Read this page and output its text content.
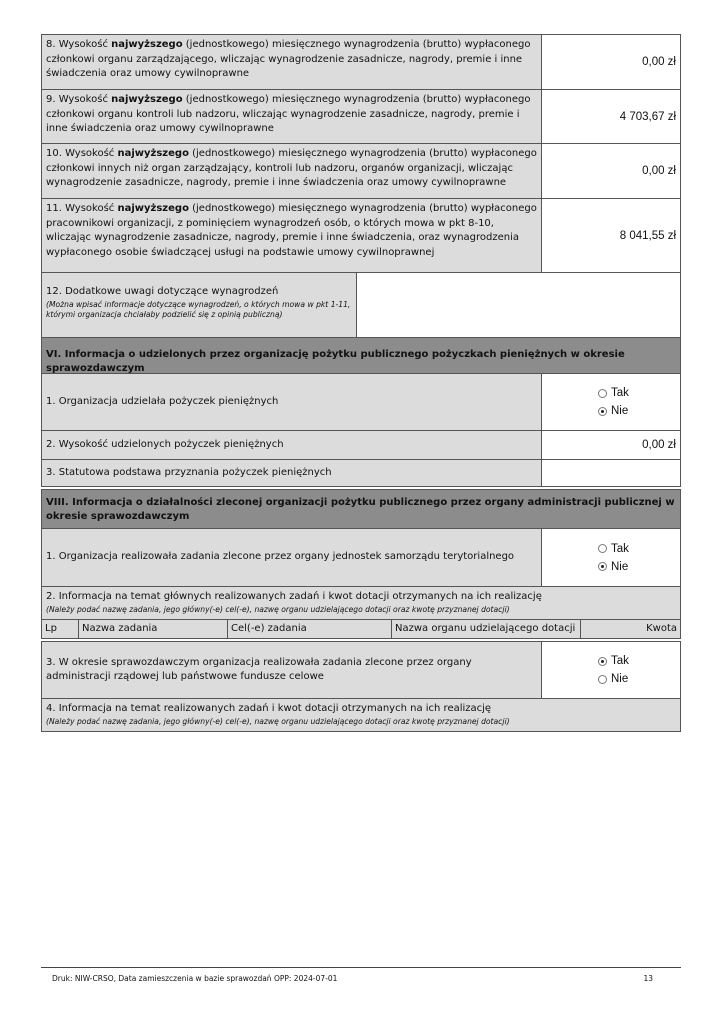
8. Wysokość najwyższego (jednostkowego) miesięcznego wynagrodzenia (brutto) wypłaconego członkowi organu zarządzającego, wliczając wynagrodzenie zasadnicze, nagrody, premie i inne świadczenia oraz umowy cywilnoprawne
0,00 zł
9. Wysokość najwyższego (jednostkowego) miesięcznego wynagrodzenia (brutto) wypłaconego członkowi organu kontroli lub nadzoru, wliczając wynagrodzenie zasadnicze, nagrody, premie i inne świadczenia oraz umowy cywilnoprawne
4 703,67 zł
10. Wysokość najwyższego (jednostkowego) miesięcznego wynagrodzenia (brutto) wypłaconego członkowi innych niż organ zarządzający, kontroli lub nadzoru, organów organizacji, wliczając wynagrodzenie zasadnicze, nagrody, premie i inne świadczenia oraz umowy cywilnoprawne
0,00 zł
11. Wysokość najwyższego (jednostkowego) miesięcznego wynagrodzenia (brutto) wypłaconego pracownikowi organizacji, z pominięciem wynagrodzeń osób, o których mowa w pkt 8-10, wliczając wynagrodzenie zasadnicze, nagrody, premie i inne świadczenia, oraz wynagrodzenia wypłaconego osobie świadczącej usługi na podstawie umowy cywilnoprawnej
8 041,55 zł
12. Dodatkowe uwagi dotyczące wynagrodzeń
(Można wpisać informacje dotyczące wynagrodzeń, o których mowa w pkt 1-11, którymi organizacja chciałaby podzielić się z opinią publiczną)
VI. Informacja o udzielonych przez organizację pożytku publicznego pożyczkach pieniężnych w okresie sprawozdawczym
1. Organizacja udzielała pożyczek pieniężnych
Tak
Nie
2. Wysokość udzielonych pożyczek pieniężnych	0,00 zł
3. Statutowa podstawa przyznania pożyczek pieniężnych
VIII. Informacja o działalności zleconej organizacji pożytku publicznego przez organy administracji publicznej w okresie sprawozdawczym
1. Organizacja realizowała zadania zlecone przez organy jednostek samorządu terytorialnego
Tak
Nie
2. Informacja na temat głównych realizowanych zadań i kwot dotacji otrzymanych na ich realizację
(Należy podać nazwę zadania, jego główny(-e) cel(-e), nazwę organu udzielającego dotacji oraz kwotę przyznanej dotacji)
Lp	Nazwa zadania	Cel(-e) zadania	Nazwa organu udzielającego dotacji	Kwota
3. W okresie sprawozdawczym organizacja realizowała zadania zlecone przez organy administracji rządowej lub państwowe fundusze celowe
Tak
Nie
4. Informacja na temat realizowanych zadań i kwot dotacji otrzymanych na ich realizację
(Należy podać nazwę zadania, jego główny(-e) cel(-e), nazwę organu udzielającego dotacji oraz kwotę przyznanej dotacji)
Druk: NIW-CRSO, Data zamieszczenia w bazie sprawozdań OPP: 2024-07-01	13
